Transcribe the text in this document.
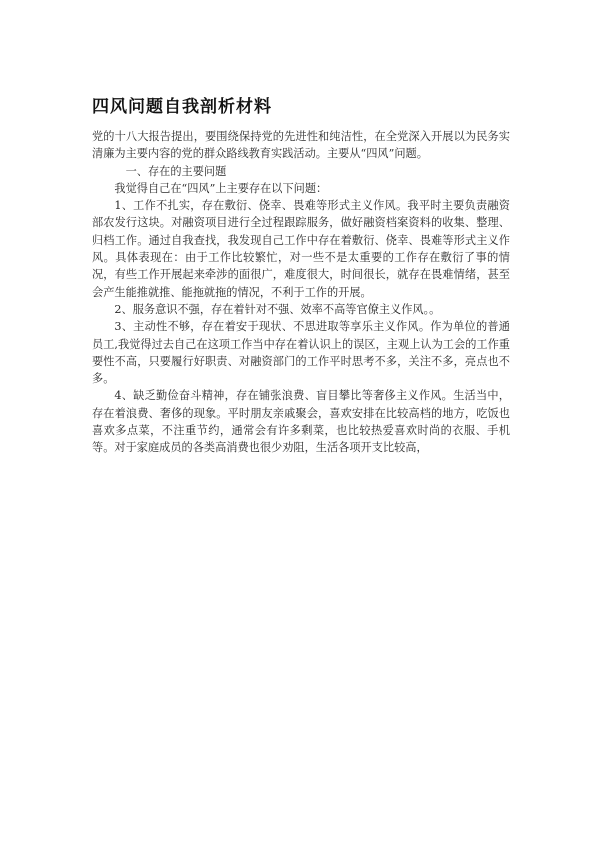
四风问题自我剖析材料

党的十八大报告提出，要围绕保持党的先进性和纯洁性，在全党深入开展以为民务实清廉为主要内容的党的群众路线教育实践活动。主要从“四风”问题。

一、存在的主要问题

我觉得自己在“四风”上主要存在以下问题：

1、工作不扎实，存在敷衍、侥幸、畏难等形式主义作风。我平时主要负责融资部农发行这块。对融资项目进行全过程跟踪服务，做好融资档案资料的收集、整理、归档工作。通过自我查找，我发现自己工作中存在着敷衍、侥幸、畏难等形式主义作风。具体表现在：由于工作比较繁忙，对一些不是太重要的工作存在敷衍了事的情况，有些工作开展起来牵涉的面很广，难度很大，时间很长，就存在畏难情绪，甚至会产生能推就推、能拖就拖的情况，不利于工作的开展。

2、服务意识不强，存在着针对不强、效率不高等官僚主义作风。。

3、主动性不够，存在着安于现状、不思进取等享乐主义作风。作为单位的普通员工,我觉得过去自己在这项工作当中存在着认识上的误区，主观上认为工会的工作重要性不高，只要履行好职责、对融资部门的工作平时思考不多，关注不多，亮点也不多。

4、缺乏勤俭奋斗精神，存在铺张浪费、盲目攀比等奢侈主义作风。生活当中，存在着浪费、奢侈的现象。平时朋友亲戚聚会，喜欢安排在比较高档的地方，吃饭也喜欢多点菜，不注重节约，通常会有许多剩菜，也比较热爱喜欢时尚的衣服、手机等。对于家庭成员的各类高消费也很少劝阻，生活各项开支比较高，
